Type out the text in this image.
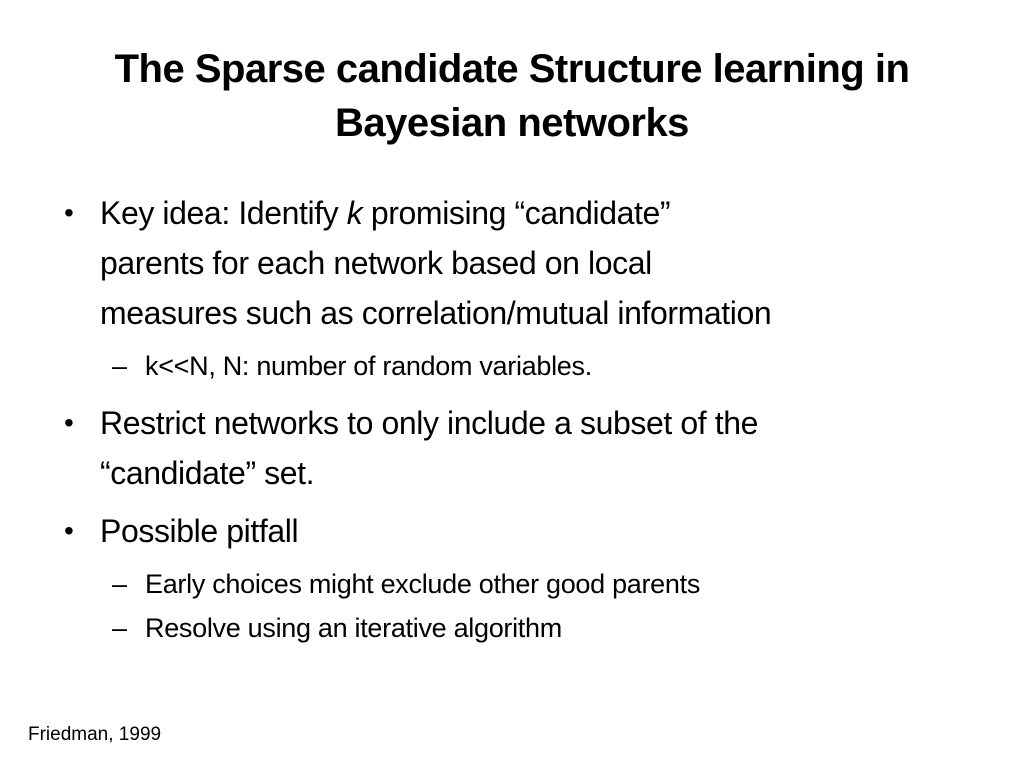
The Sparse candidate Structure learning in
Bayesian networks
• Key idea: Identify k promising “candidate”
parents for each network based on local
measures such as correlation/mutual information
– k<<N, N: number of random variables.
• Restrict networks to only include a subset of the
“candidate” set.
• Possible pitfall
– Early choices might exclude other good parents
– Resolve using an iterative algorithm
Friedman, 1999
